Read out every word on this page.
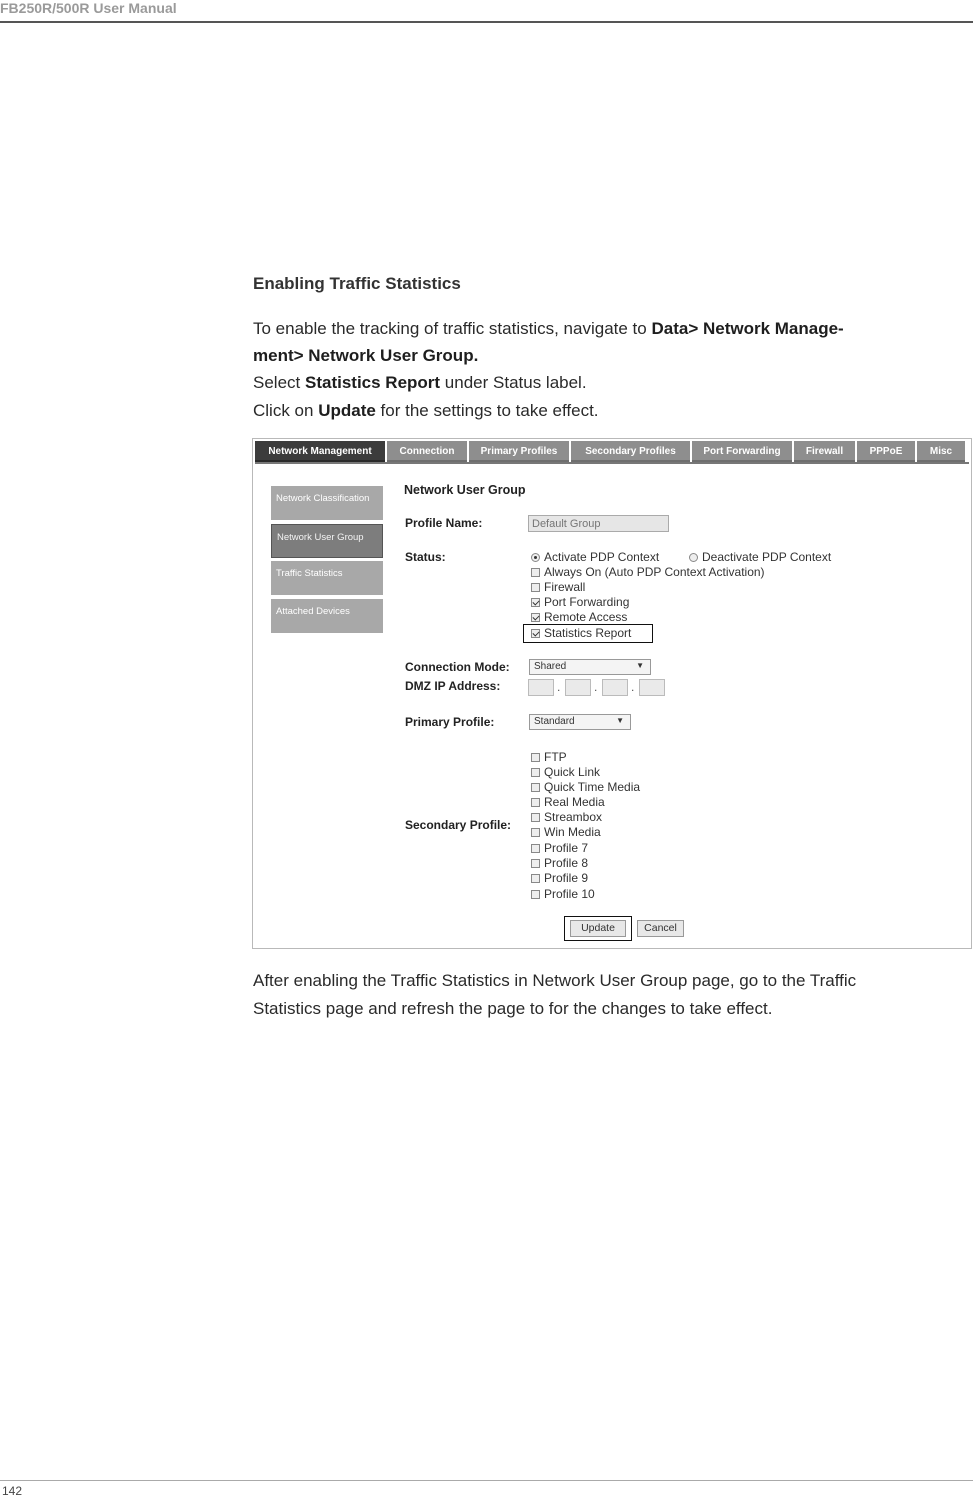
FB250R/500R User Manual
Enabling Traffic Statistics
To enable the tracking of traffic statistics, navigate to Data> Network Manage-
ment> Network User Group.
Select Statistics Report under Status label.
Click on Update for the settings to take effect.
Network Management	Connection	Primary Profiles	Secondary Profiles	Port Forwarding	Firewall	PPPoE	Misc
Network Classification
Network User Group
Traffic Statistics
Attached Devices
Network User Group
Profile Name:
Default Group
Status:	Activate PDP Context	Deactivate PDP Context
Always On (Auto PDP Context Activation)
Firewall
Port Forwarding
Remote Access
Statistics Report
Connection Mode:	Shared	▼
DMZ IP Address:	.	.	.
Primary Profile:	Standard	▼
Secondary Profile:
FTP
Quick Link
Quick Time Media
Real Media
Streambox
Win Media
Profile 7
Profile 8
Profile 9
Profile 10
Update	Cancel
After enabling the Traffic Statistics in Network User Group page, go to the Traffic
Statistics page and refresh the page to for the changes to take effect.
142
